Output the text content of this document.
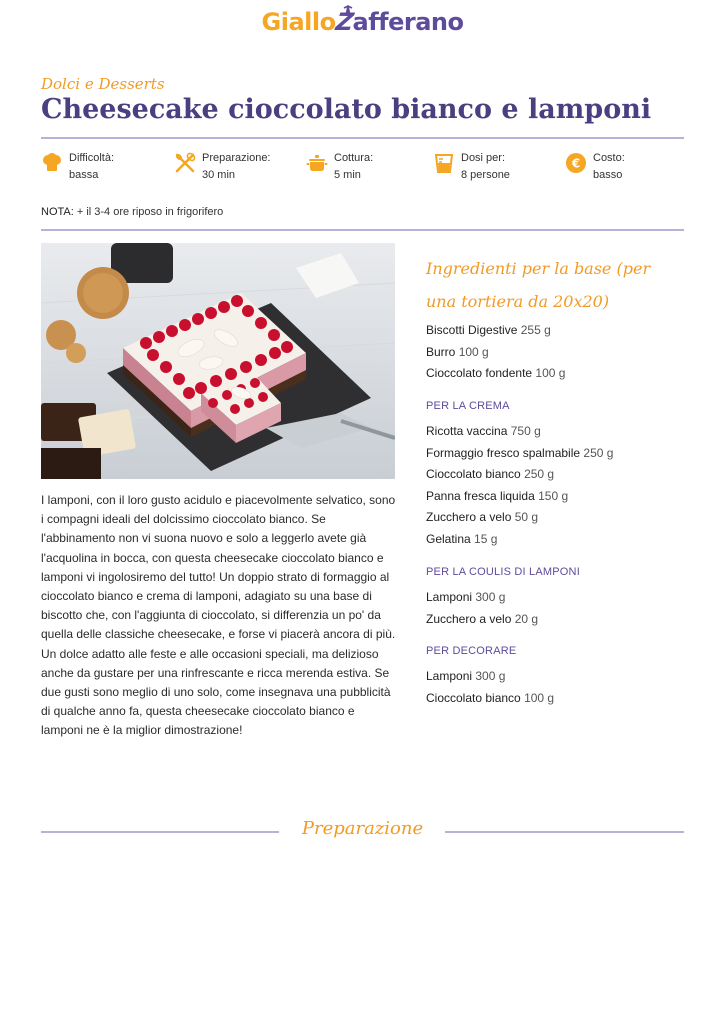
GialloZafferano
Dolci e Desserts
Cheesecake cioccolato bianco e lamponi
Difficoltà:
bassa
Preparazione:
30 min
Cottura:
5 min
Dosi per:
8 persone
€ Costo:
basso
NOTA: + il 3-4 ore riposo in frigorifero

I lamponi, con il loro gusto acidulo e piacevolmente selvatico, sono i compagni ideali del dolcissimo cioccolato bianco. Se l'abbinamento non vi suona nuovo e solo a leggerlo avete già l'acquolina in bocca, con questa cheesecake cioccolato bianco e lamponi vi ingolosiremo del tutto! Un doppio strato di formaggio al cioccolato bianco e crema di lamponi, adagiato su una base di biscotto che, con l'aggiunta di cioccolato, si differenzia un po' da quella delle classiche cheesecake, e forse vi piacerà ancora di più. Un dolce adatto alle feste e alle occasioni speciali, ma delizioso anche da gustare per una rinfrescante e ricca merenda estiva. Se due gusti sono meglio di uno solo, come insegnava una pubblicità di qualche anno fa, questa cheesecake cioccolato bianco e lamponi ne è la miglior dimostrazione!

Ingredienti per la base (per una tortiera da 20x20)
Biscotti Digestive 255 g
Burro 100 g
Cioccolato fondente 100 g
PER LA CREMA
Ricotta vaccina 750 g
Formaggio fresco spalmabile 250 g
Cioccolato bianco 250 g
Panna fresca liquida 150 g
Zucchero a velo 50 g
Gelatina 15 g
PER LA COULIS DI LAMPONI
Lamponi 300 g
Zucchero a velo 20 g
PER DECORARE
Lamponi 300 g
Cioccolato bianco 100 g
Preparazione
